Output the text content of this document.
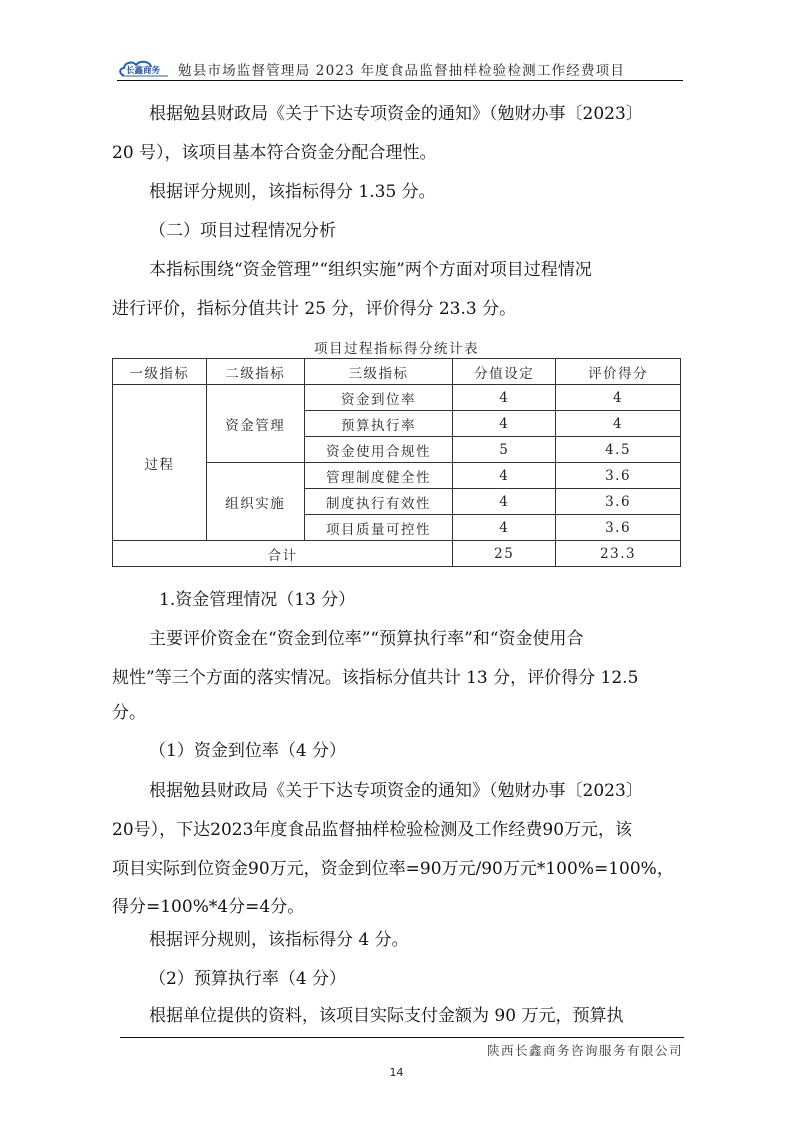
长鑫商务 勉县市场监督管理局 2023 年度食品监督抽样检验检测工作经费项目
根据勉县财政局《关于下达专项资金的通知》（勉财办事〔2023〕
20 号），该项目基本符合资金分配合理性。
根据评分规则，该指标得分 1.35 分。
（二）项目过程情况分析
本指标围绕“资金管理”“组织实施”两个方面对项目过程情况
进行评价，指标分值共计 25 分，评价得分 23.3 分。
项目过程指标得分统计表
一级指标	二级指标	三级指标	分值设定	评价得分
过程	资金管理	资金到位率	4	4
		预算执行率	4	4
		资金使用合规性	5	4.5
	组织实施	管理制度健全性	4	3.6
		制度执行有效性	4	3.6
		项目质量可控性	4	3.6
合计			25	23.3
1.资金管理情况（13 分）
主要评价资金在“资金到位率”“预算执行率”和“资金使用合
规性”等三个方面的落实情况。该指标分值共计 13 分，评价得分 12.5
分。
（1）资金到位率（4 分）
根据勉县财政局《关于下达专项资金的通知》（勉财办事〔2023〕
20号），下达2023年度食品监督抽样检验检测及工作经费90万元，该
项目实际到位资金90万元，资金到位率=90万元/90万元*100%=100%，
得分=100%*4分=4分。
根据评分规则，该指标得分 4 分。
（2）预算执行率（4 分）
根据单位提供的资料，该项目实际支付金额为 90 万元，预算执
陕西长鑫商务咨询服务有限公司
14
